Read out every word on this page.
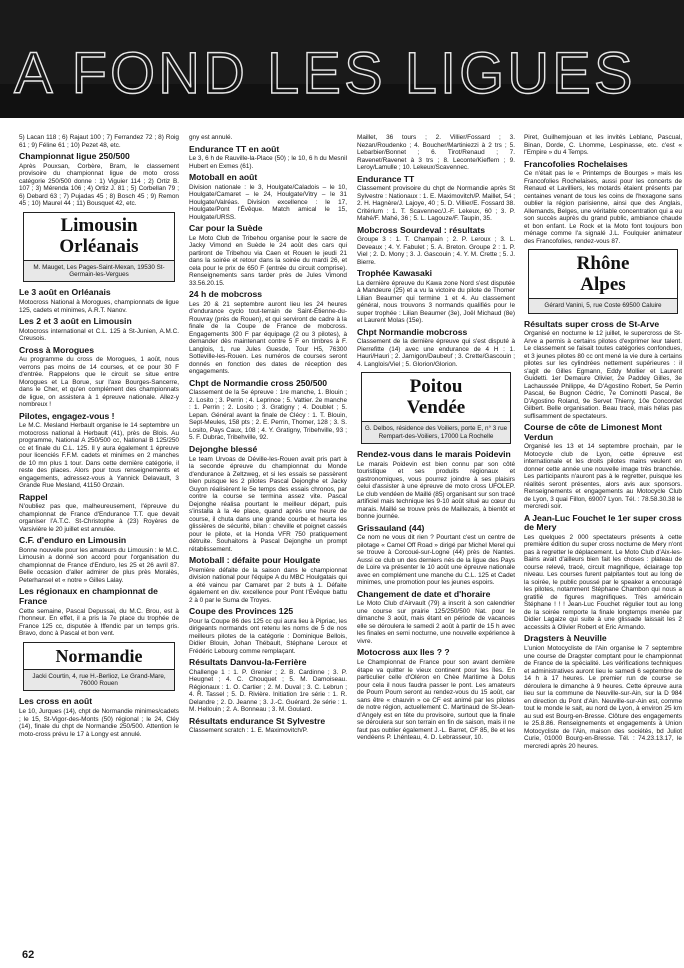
A FOND LES LIGUES

5) Lacan 118 ; 6) Rajaut 100 ; 7) Ferrandez 72 ; 8) Roig 61 ; 9) Féline 61 ; 10) Pezet 48, etc.

Championnat ligue 250/500

Après Pouxsan, Corbère, Bram, le classement provisoire du championnat ligue de moto cross catégorie 250/500 donne : 1) Viguier 114 ; 2) Ortiz B. 107 ; 3) Mérenda 106 ; 4) Ortiz J. 81 ; 5) Corbellan 79 ; 6) Debard 63 ; 7) Pujadas 45 ; 8) Bosch 45 ; 9) Remon 45 ; 10) Maurel 44 ; 11) Bousquet 42, etc.

Limousin
Orléanais
M. Mauget, Les Pages-Saint-Mexan, 19530 St-Germain-les-Vergues
Le 3 août en Orléanais

Motocross National à Morogues, championnats de ligue 125, cadets et minimes, A.R.T. Nanov.

Les 2 et 3 août en Limousin

Motocross international et C.L. 125 à St-Junien, A.M.C. Creusois.

Cross à Morogues

Au programme du cross de Morogues, 1 août, nous verrons pas moins de 14 courses, et ce pour 30 F d'entrée. Rappelons que le circuit se situe entre Morogues et La Borue, sur l'axe Bourges-Sancerre, dans le Cher, et qu'en complément des championnats de ligue, on assistera à 1 épreuve nationale. Allez-y nombreux !

Pilotes, engagez-vous !

Le M.C. Mesland Herbault organise le 14 septembre un motocross national à Herbault (41), près de Blois. Au programme, National A 250/500 cc, National B 125/250 cc et finale du C.L. 125. Il y aura également 1 épreuve pour licenciés F.F.M. cadets et minimes en 2 manches de 10 mn plus 1 tour. Dans cette dernière catégorie, il reste des places. Alors pour tous renseignements et engagements, adressez-vous à Yannick Delavault, 3 Grande Rue Mesland, 41150 Onzain.

Rappel

N'oubliez pas que, malheureusement, l'épreuve du championnat de France d'Endurance T.T. que devait organiser l'A.T.C. St-Christophe à (23) Royères de Varsivière le 20 juillet est annulée.

C.F. d'enduro en Limousin

Bonne nouvelle pour les amateurs du Limousin : le M.C. Limousin a donné son accord pour l'organisation du championnat de France d'Enduro, les 25 et 26 avril 87. Belle occasion d'aller admirer de plus près Moralès, Peterhansel et « notre » Gilles Lalay.

Les régionaux en championnat de France

Cette semaine, Pascal Depussai, du M.C. Brou, est à l'honneur. En effet, il a pris la 7e place du trophée de France 125 cc, disputée à Iffendic par un temps gris. Bravo, donc à Pascal et bon vent.

Normandie
Jacki Courtin, 4, rue H.-Berlioz, Le Grand-Mare, 76000 Rouen
Les cross en août

Le 10, Jurques (14), chpt de Normandie minimes/cadets ; le 15, St-Vigor-des-Monts (50) régional ; le 24, Cléy (14), finale du chpt de Normandie 250/500. Attention le moto-cross prévu le 17 à Longy est annulé.

gny est annulé.

Endurance TT en août

Le 3, 6 h de Rauville-la-Place (50) ; le 10, 6 h du Mesnil Hubert en Exmes (61).

Motoball en août

Division nationale : le 3, Houlgate/Caladois – le 10, Houlgate/Camaret – le 24, Houlgate/Vitry – le 31 Houlgate/Valréas. Division excellence : le 17, Houlgate/Pont l'Évêque. Match amical le 15, Houlgate/URSS.

Car pour la Suède

Le Moto Club de Tribehou organise pour le sacre de Jacky Vimond en Suède le 24 août des cars qui partiront de Tribehou via Caen et Rouen le jeudi 21 dans la soirée et retour dans la soirée du mardi 26, et cela pour le prix de 650 F (entrée du circuit comprise). Renseignements sans tarder près de Jules Vimond 33.56.20.15.

24 h de mobcross

Les 20 & 21 septembre auront lieu les 24 heures d'endurance cyclo tout-terrain de Saint-Étienne-du-Rouvray (près de Rouen), et qui serviront de cadre à la finale de la Coupe de France de mobcross. Engagements 300 F par équipage (2 ou 3 pilotes), à demander dès maintenant contre 5 F en timbres à F. Langlois, 1, rue Jules Guesde, Tour H5, 76300 Sotteville-les-Rouen. Les numéros de courses seront donnés en fonction des dates de réception des engagements.

Chpt de Normandie cross 250/500

Classement de la 5e épreuve : 1re manche, 1. Blouin ; 2. Losito ; 3. Perrin ; 4. Leprince ; 5. Vattier. 2e manche : 1. Perrin ; 2. Losito ; 3. Gratigny ; 4. Doublet ; 5. Lepan. Général avant la finale de Clécy : 1. T. Blouin, Sept-Meules, 158 pts ; 2. E. Perrin, Thomer, 128 ; 3. S. Losito, Pays Caux, 108 ; 4. Y. Gratigny, Tribehville, 93 ; 5. F. Dubrac, Tribehville, 92.

Dejonghe blessé

Le team Urvoas de Déville-les-Rouen avait pris part à la seconde épreuve du championnat du Monde d'endurance à Zeltzweg, et si les essais se passèrent bien puisque les 2 pilotes Pascal Dejonghe et Jacky Guyon réalisèrent le 5e temps des essais chronos, par contre la course se termina assez vite. Pascal Dejonghe réalisa pourtant le meilleur départ, puis s'installa à la 4e place, quand après une heure de course, il chuta dans une grande courbe et heurta les glissières de sécurité, bilan : cheville et poignet cassés pour le pilote, et la Honda VFR 750 pratiquement détruite. Souhaitons à Pascal Dejonghe un prompt rétablissement.

Motoball : défaite pour Houlgate

Première défaite de la saison dans le championnat division national pour l'équipe A du MBC Houlgatais qui a été vaincu par Camaret par 2 buts à 1. Défaite également en div. excellence pour Pont l'Évêque battu 2 à 0 par le Suma de Troyes.

Coupe des Provinces 125

Pour la Coupe 86 des 125 cc qui aura lieu à Pipriac, les dirigeants normands ont retenu les noms de 5 de nos meilleurs pilotes de la catégorie : Dominique Bellois, Didier Blouin, Johan Thébault, Stéphane Leroux et Frédéric Lebourg comme remplaçant.

Résultats Danvou-la-Ferrière

Challenge 1 : 1. P. Grenier ; 2. B. Cardinne ; 3. P. Heugnet ; 4. C. Chouquet ; 5. M. Damoiseau. Régionaux : 1. O. Cartier ; 2. M. Duval ; 3. C. Lebrun ; 4. R. Tassel ; 5. D. Rivière. Initiation 1re série : 1. R. Delandre ; 2. D. Jeanne ; 3. J.-C. Guérard. 2e série : 1. M. Hellouin ; 2. A. Bonneau ; 3. M. Goulard.

Résultats endurance St Sylvestre

Classement scratch : 1. E. Maximovitch/P.

Maillet, 36 tours ; 2. Villier/Fossard ; 3. Nezan/Roudenko ; 4. Boucher/Martiniezzi à 2 trs ; 5. Lebarbier/Bonnet ; 6. Tirot/Renaud ; 7. Ravenet/Ravenet à 3 trs ; 8. Leconte/Kieffern ; 9. Leroy/Lamulle ; 10. Lekeux/Scavennec.

Endurance TT

Classement provisoire du chpt de Normandie après St Sylvestre : Nationaux : 1. E. Maximovitch/P. Maillet, 54 ; 2. H. Hagnère/J. Lajoye, 40 ; 5. D. Villier/E. Fossard 38. Critérium : 1. T. Scavennec/J.-F. Lekeux, 60 ; 3. P. Mahé/F. Mahé, 36 ; 5. L. Lagouze/F. Taupin, 35.

Mobcross Sourdeval : résultats

Groupe 3 : 1. T. Champain ; 2. P. Leroux ; 3. L. Deveaux ; 4. Y. Fabulet ; 5. A. Breton. Groupe 2 : 1. P. Viel ; 2. D. Mony ; 3. J. Gascouin ; 4. Y. M. Crette ; 5. J. Bierre.

Trophée Kawasaki

La dernière épreuve du Kawa zone Nord s'est disputée à Mandeure (25) et a vu la victoire du pilote de Thomer Lilian Beaumer qui termine 1 et 4. Au classement général, nous trouvons 3 normands qualifiés pour le super trophée : Lilian Beaumer (3e), Joël Michaud (8e) et Laurent Molas (15e).

Chpt Normandie mobcross

Classement de la dernière épreuve qui s'est disputé à Pierrefitte (14) avec une endurance de 4 H : 1. Hauri/Hauri ; 2. Jarnigon/Daubeuf ; 3. Crette/Gascouin ; 4. Langlois/Viel ; 5. Glorion/Glorion.

Poitou
Vendée
G. Delbos, résidence des Voiliers, porte E, n° 3 rue Rempart-des-Voiliers, 17000 La Rochelle
Rendez-vous dans le marais Poidevin

Le marais Poidevin est bien connu par son côté touristique et ses produits régionaux et gastronomiques, vous pourrez joindre à ses plaisirs celui d'assister à une épreuve de moto cross UFOLEP. Le club vendéen de Maillé (85) organisant sur son tracé artificiel mais technique les 9-10 août situé au cœur du marais. Maillé se trouve près de Maillezais, à bientôt et bonne journée.

Grissauland (44)

Ce nom ne vous dit rien ? Pourtant c'est un centre de pilotage « Camel Off Road » dirigé par Michel Merel qui se trouve à Corcoué-sur-Logne (44) près de Nantes. Aussi ce club un des derniers nés de la ligue des Pays de Loire va présenter le 10 août une épreuve nationale avec en complément une manche du C.L. 125 et Cadet minimes, une promotion pour les jeunes espoirs.

Changement de date et d'horaire

Le Moto Club d'Airvault (79) a inscrit à son calendrier une course sur prairie 125/250/500 Nat. pour le dimanche 3 août, mais étant en période de vacances elle se déroulera le samedi 2 août à partir de 15 h avec les finales en semi nocturne, une nouvelle expérience à vivre.

Motocross aux Iles ? ?

Le Championnat de France pour son avant dernière étape va quitter le vieux continent pour les îles. En particulier celle d'Oléron en Chèe Maritime à Dolus pour cela il nous faudra passer le pont. Les amateurs de Poum Poum seront au rendez-vous du 15 août, car sans être « chauvin » ce CF est animé par les pilotes de notre région, actuellement C. Martinaud de St-Jean-d'Angely est en tête du provisoire, surtout que la finale se déroulera sur son terrain en fin de saison, mais il ne faut pas oublier également J.-L. Barret, CF 85, 8e et les vendéens P. Lhénteau, 4. D. Lebrasseur, 10.

Piret, Guilhemjouan et les invités Leblanc, Pascual, Binan, Dorde, C. Lhomme, Lespinasse, etc. c'est « l'Empire » du 4 Temps.

Francofolies Rochelaises

Ce n'était pas le « Printemps de Bourges » mais les Francofolies Rochelaises, aussi pour les concerts de Renaud et Lavilliers, les motards étaient présents par centaines venant de tous les coins de l'hexagone sans oublier la région parisienne, ainsi que des Anglais, Allemands, Belges, une véritable concentration qui a eu son succès auprès du grand public, ambiance chaude et bon enfant. Le Rock et la Moto font toujours bon ménage comme l'a signalé J.L. Foulquier animateur des Francofolies, rendez-vous 87.

Rhône
Alpes
Gérard Vanini, 5, rue Coste 69500 Caluire
Résultats super cross de St-Arve

Organisé en nocturne le 12 juillet, le supercross de St-Arve a permis à certains pilotes d'exprimer leur talent. Le classement se faisait toutes catégories confondues, et 3 jeunes pilotes 80 cc ont mené la vie dure à certains pilotes sur les cylindrées nettement supérieures : il s'agit de Gilles Egmann, Eddy Mollier et Laurent Guidetti. 1er Demaure Olivier, 2e Paddey Gilles, 3e Lachaussée Philippe, 4e D'Agostino Robert, 5e Perrin Pascal, 6e Bugnon Cédric, 7e Cominotti Pascal, 8e D'Agostino Roland, 9e Servet Thierry, 10e Concordet Gilbert. Belle organisation. Beau tracé, mais hélas pas suffisamment de spectateurs.

Course de côte de Limonest Mont Verdun

Organisé les 13 et 14 septembre prochain, par le Motocycle club de Lyon, cette épreuve est internationale et les droits pilotes mains veulent en donner cette année une nouvelle image très branchée. Les participants n'auront pas à le regretter, puisque les réalités seront présentes, alors avis aux sponsors. Renseignements et engagements au Motocycle Club de Lyon, 3 quai Fillon, 69007 Lyon. Tél. : 78.58.30.38 le mercredi soir.

A Jean-Luc Fouchet le 1er super cross de Mery

Les quelques 2 000 spectateurs présents à cette première édition du super cross nocturne de Mery n'ont pas à regretter le déplacement. Le Moto Club d'Aix-les-Bains avait d'ailleurs bien fait les choses : plateau de course relevé, tracé, circuit magnifique, éclairage top niveau. Les courses furent palpitantes tout au long de la soirée, le public poussé par le speaker a encouragé les pilotes, notamment Stéphane Chambon qui nous a gratifié de figures magnifiques. Très américain Stéphane ! ! ! Jean-Luc Fouchet régulier tout au long de la soirée remporte la finale longtemps menée par Didier Lagaize qui suite à une glissade laissait les 2 accessits à Olivier Robert et Eric Armando.

Dragsters à Neuville

L'union Motocycliste de l'Ain organise le 7 septembre une course de Dragster comptant pour le championnat de France de la spécialité. Les vérifications techniques et administratives auront lieu le samedi 6 septembre de 14 h à 17 heures. Le premier run de course se déroulera le dimanche à 9 heures. Cette épreuve aura lieu sur la commune de Neuville-sur-Ain, sur la D 984 en direction du Pont d'Ain. Neuville-sur-Ain est, comme tout le monde le sait, au nord de Lyon, à environ 25 km au sud est Bourg-en-Bresse. Clôture des engagements le 25.8.86. Renseignements et engagements à Union Motocycliste de l'Ain, maison des sociétés, bd Juliot Curie, 01000 Bourg-en-Bresse. Tél. : 74.23.13.17, le mercredi après 20 heures.

62
